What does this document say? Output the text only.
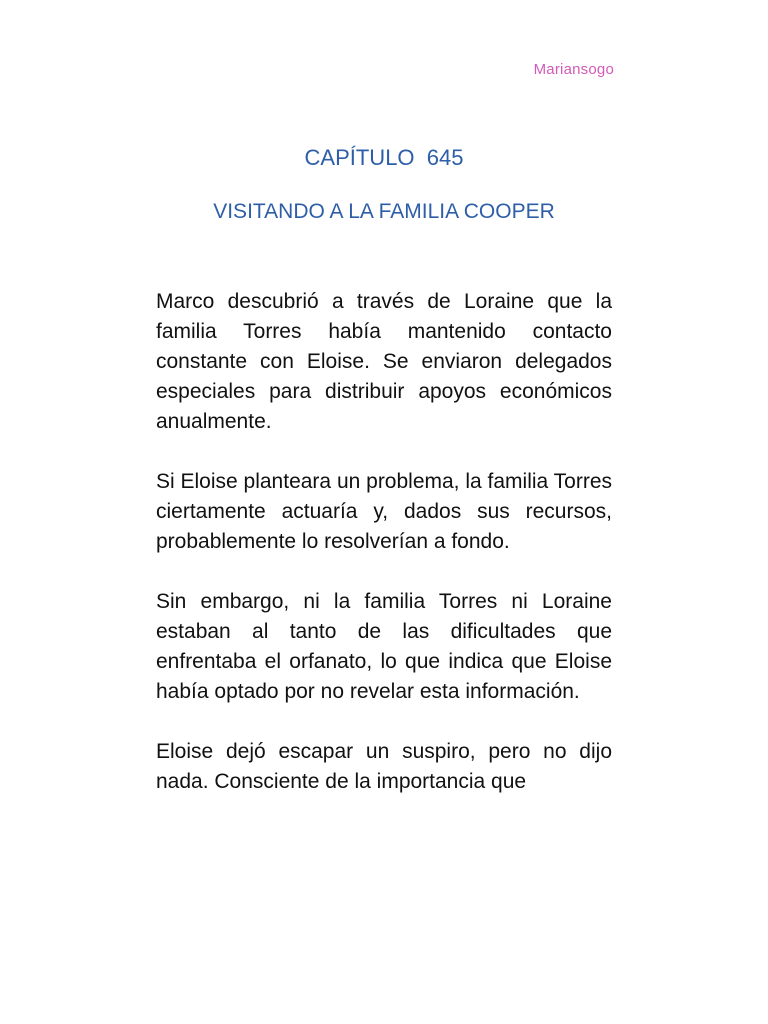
Mariansogo
CAPÍTULO  645
VISITANDO A LA FAMILIA COOPER

Marco descubrió a través de Loraine que la familia Torres había mantenido contacto constante con Eloise. Se enviaron delegados especiales para distribuir apoyos económicos anualmente.

Si Eloise planteara un problema, la familia Torres ciertamente actuaría y, dados sus recursos, probablemente lo resolverían a fondo.

Sin embargo, ni la familia Torres ni Loraine estaban al tanto de las dificultades que enfrentaba el orfanato, lo que indica que Eloise había optado por no revelar esta información.

Eloise dejó escapar un suspiro, pero no dijo nada. Consciente de la importancia que
